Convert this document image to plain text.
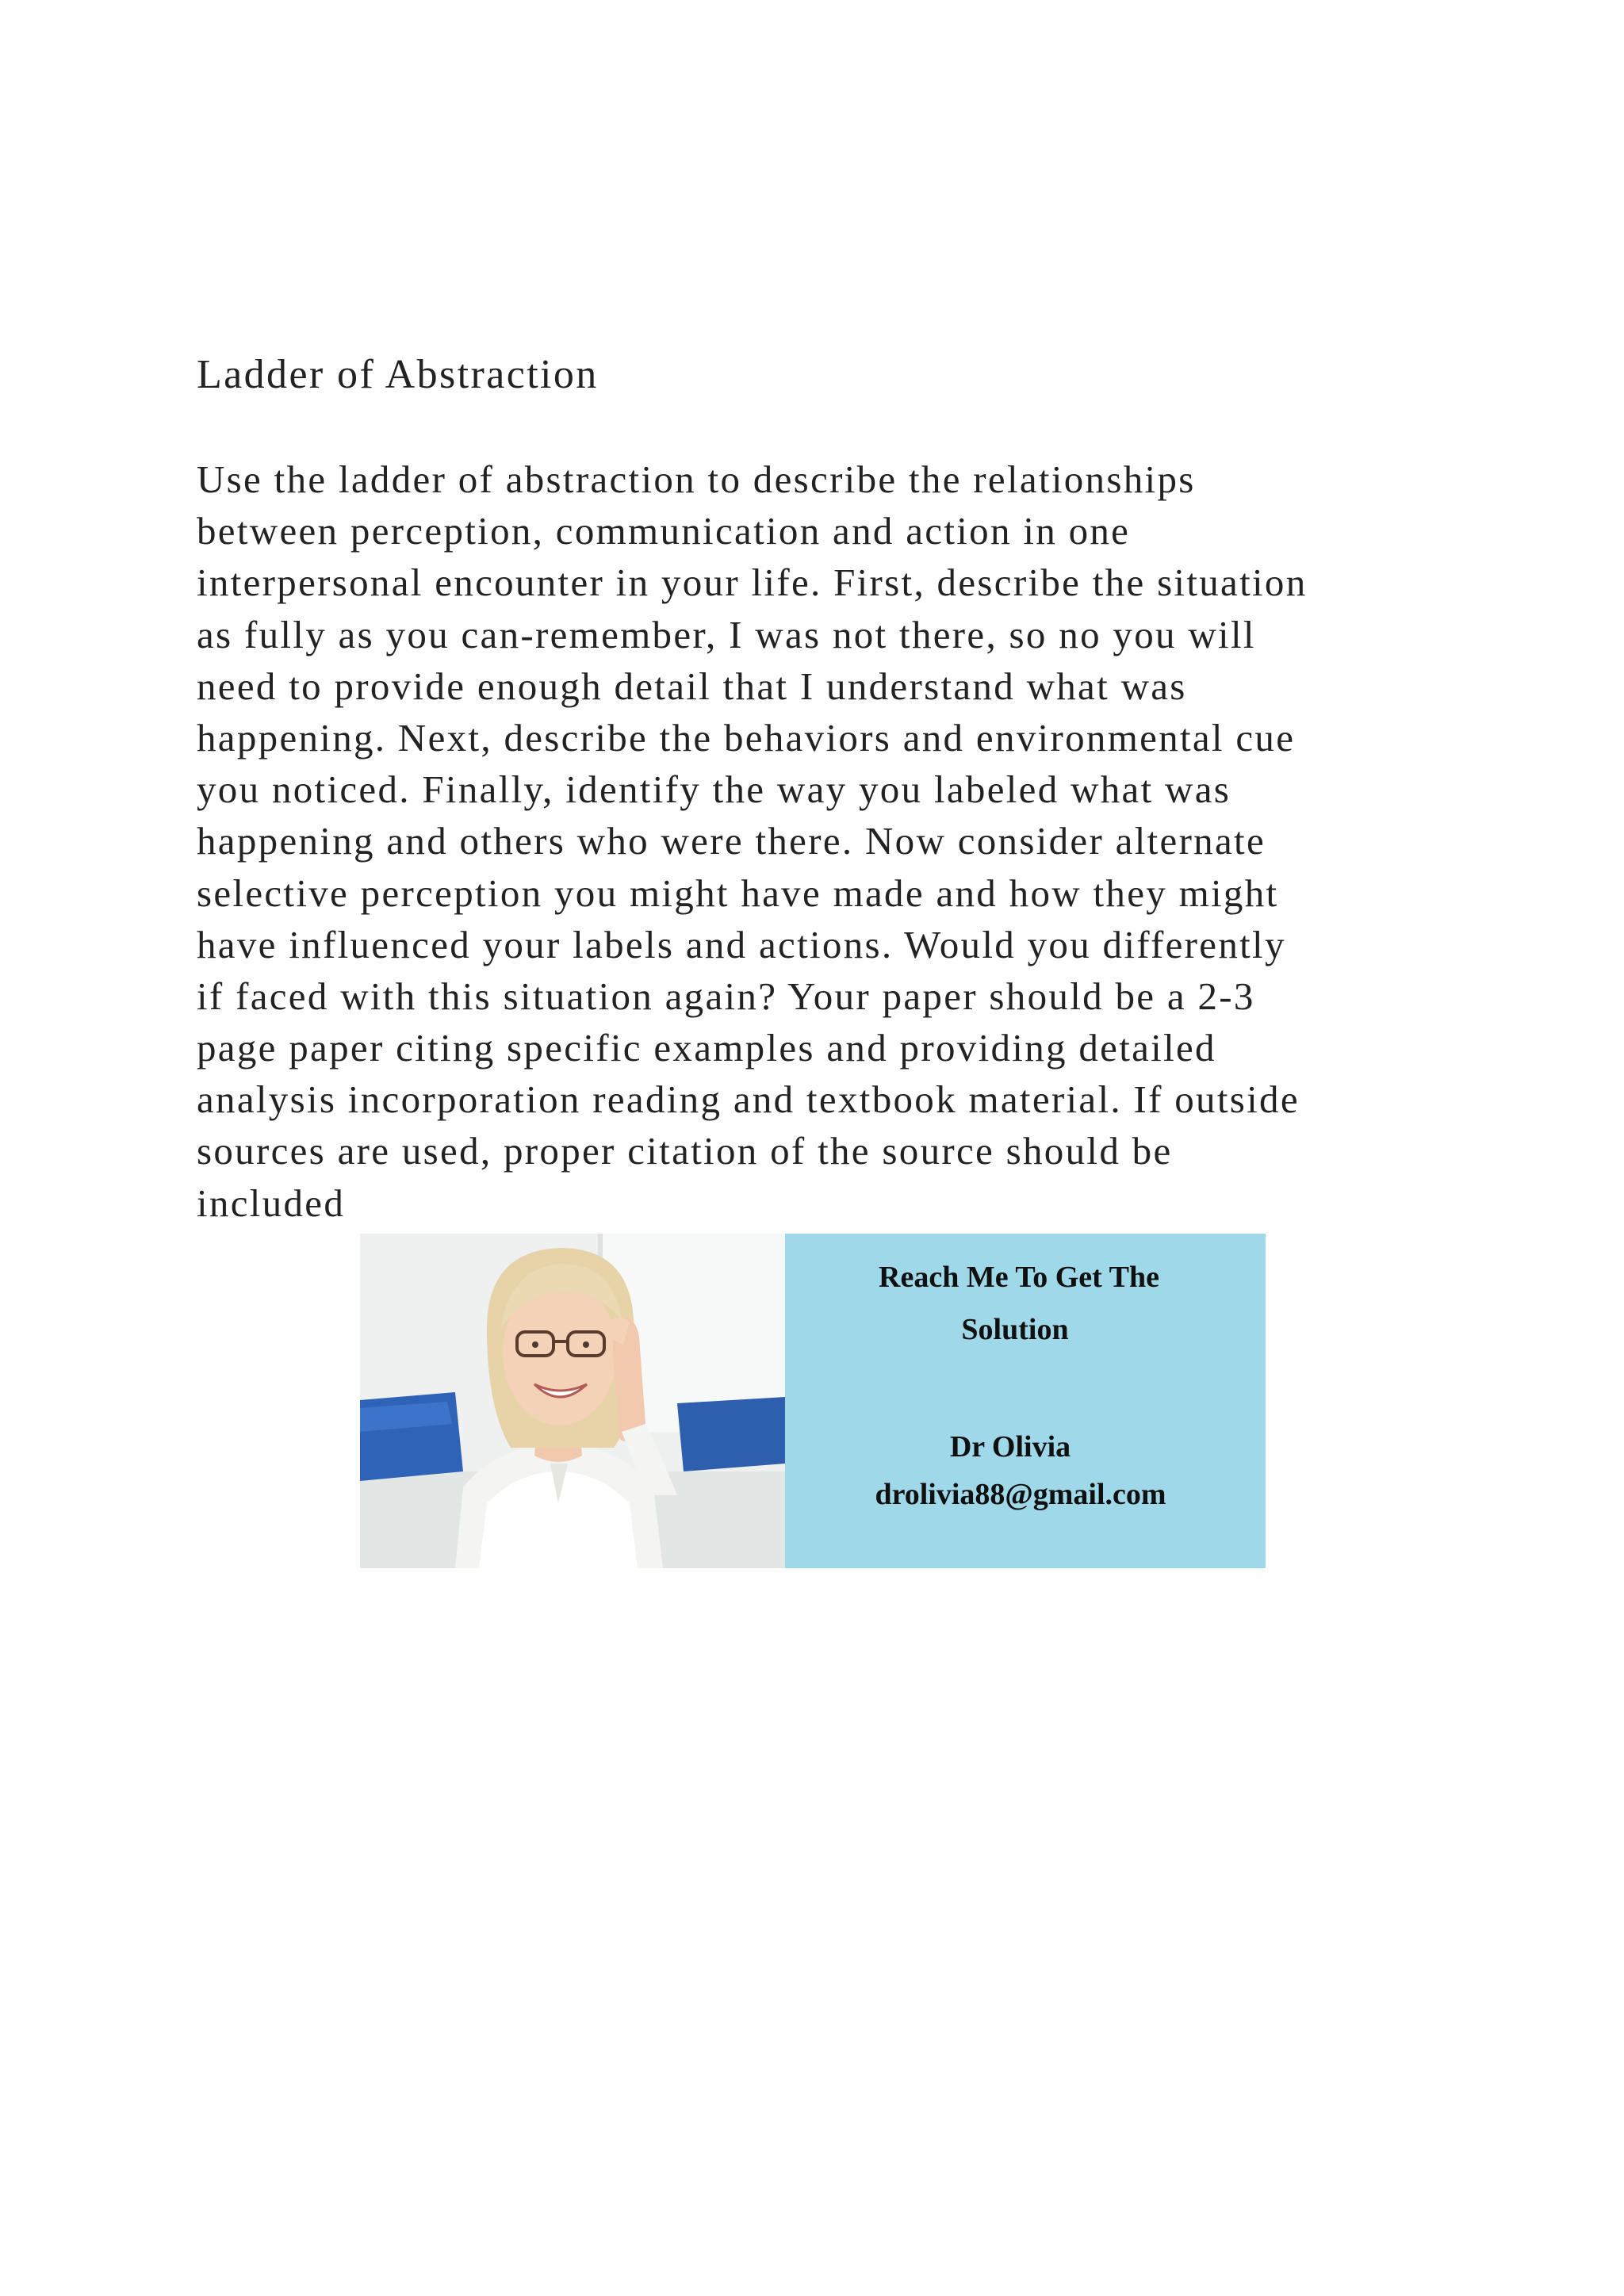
Ladder of Abstraction
Use the ladder of abstraction to describe the relationships
between perception, communication and action in one
interpersonal encounter in your life. First, describe the situation
as fully as you can-remember, I was not there, so no you will
need to provide enough detail that I understand what was
happening. Next, describe the behaviors and environmental cue
you noticed. Finally, identify the way you labeled what was
happening and others who were there. Now consider alternate
selective perception you might have made and how they might
have influenced your labels and actions. Would you differently
if faced with this situation again? Your paper should be a 2-3
page paper citing specific examples and providing detailed
analysis incorporation reading and textbook material. If outside
sources are used, proper citation of the source should be
included
Reach Me To Get The
Solution
Dr Olivia
drolivia88@gmail.com
